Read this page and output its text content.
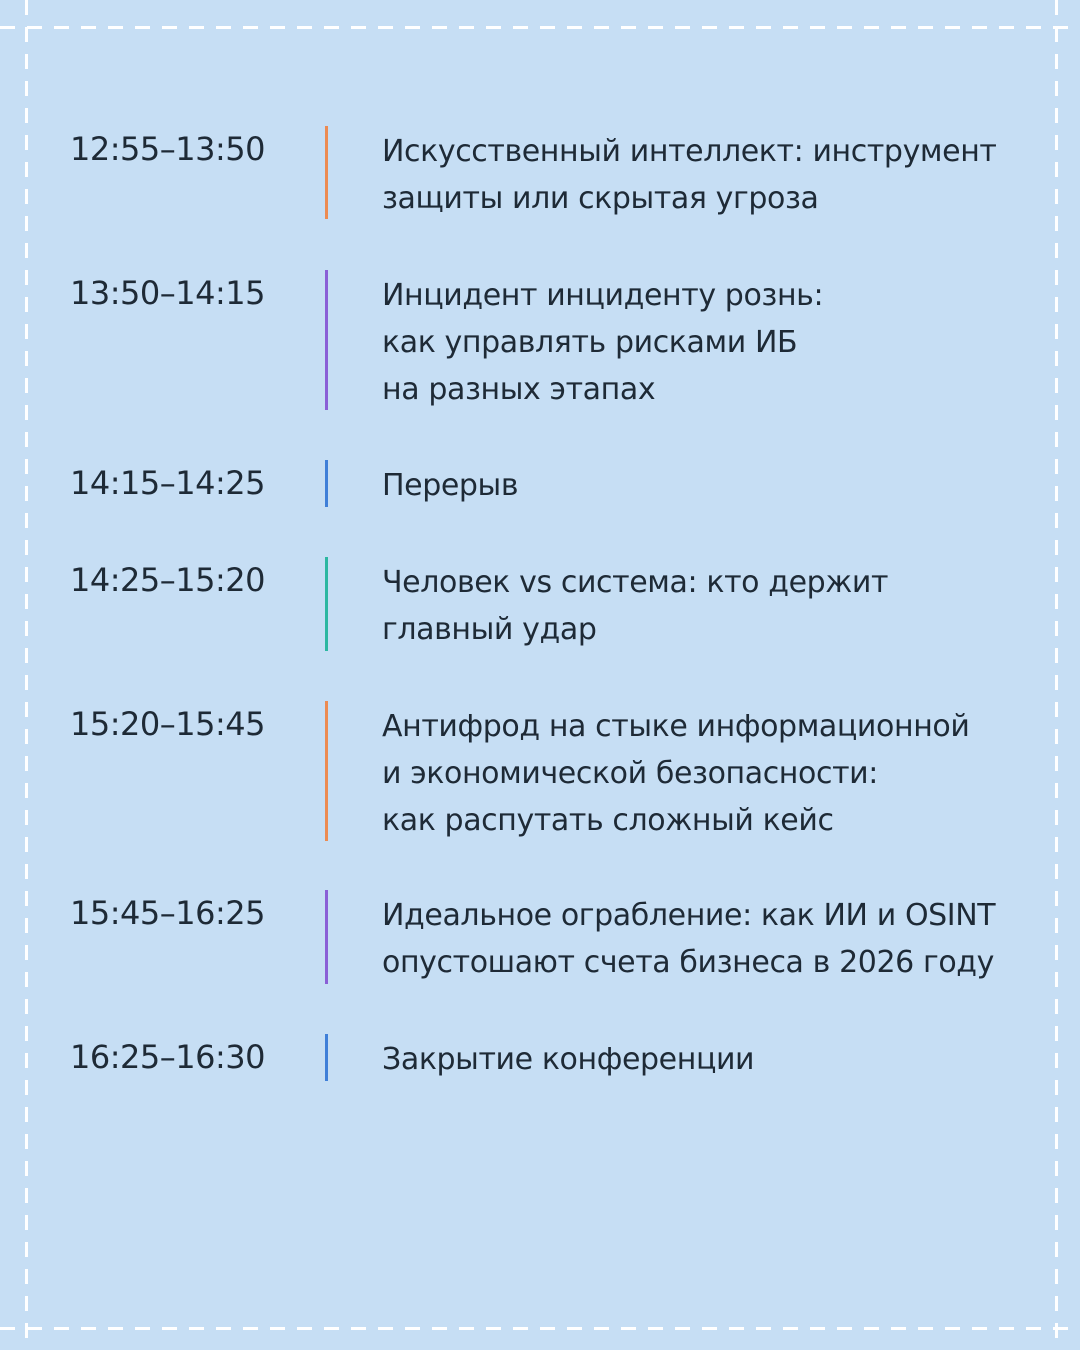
12:55–13:50	Искусственный интеллект: инструмент
защиты или скрытая угроза
13:50–14:15	Инцидент инциденту рознь:
как управлять рисками ИБ
на разных этапах
14:15–14:25	Перерыв
14:25–15:20	Человек vs система: кто держит
главный удар
15:20–15:45	Антифрод на стыке информационной
и экономической безопасности:
как распутать сложный кейс
15:45–16:25	Идеальное ограбление: как ИИ и OSINT
опустошают счета бизнеса в 2026 году
16:25–16:30	Закрытие конференции
